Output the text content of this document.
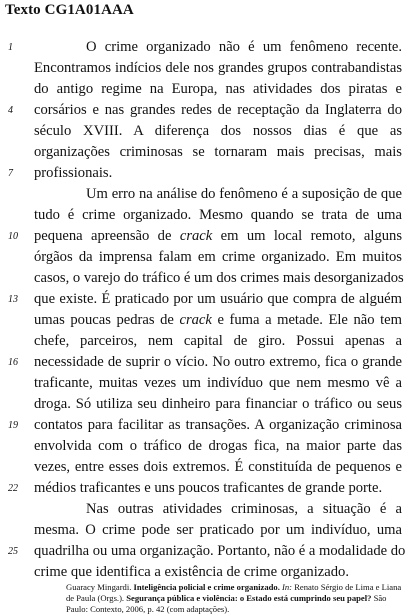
Texto CG1A01AAA
1
4
7
10
13
16
19
22
25
O crime organizado não é um fenômeno recente.
Encontramos indícios dele nos grandes grupos contrabandistas
do antigo regime na Europa, nas atividades dos piratas e
corsários e nas grandes redes de receptação da Inglaterra do
século XVIII. A diferença dos nossos dias é que as
organizações criminosas se tornaram mais precisas, mais
profissionais.
Um erro na análise do fenômeno é a suposição de que
tudo é crime organizado. Mesmo quando se trata de uma
pequena apreensão de crack em um local remoto, alguns
órgãos da imprensa falam em crime organizado. Em muitos
casos, o varejo do tráfico é um dos crimes mais desorganizados
que existe. É praticado por um usuário que compra de alguém
umas poucas pedras de crack e fuma a metade. Ele não tem
chefe, parceiros, nem capital de giro. Possui apenas a
necessidade de suprir o vício. No outro extremo, fica o grande
traficante, muitas vezes um indivíduo que nem mesmo vê a
droga. Só utiliza seu dinheiro para financiar o tráfico ou seus
contatos para facilitar as transações. A organização criminosa
envolvida com o tráfico de drogas fica, na maior parte das
vezes, entre esses dois extremos. É constituída de pequenos e
médios traficantes e uns poucos traficantes de grande porte.
Nas outras atividades criminosas, a situação é a
mesma. O crime pode ser praticado por um indivíduo, uma
quadrilha ou uma organização. Portanto, não é a modalidade do
crime que identifica a existência de crime organizado.
Guaracy Mingardi. Inteligência policial e crime organizado. In: Renato Sérgio de Lima e Liana de Paula (Orgs.). Segurança pública e violência: o Estado está cumprindo seu papel? São Paulo: Contexto, 2006, p. 42 (com adaptações).
